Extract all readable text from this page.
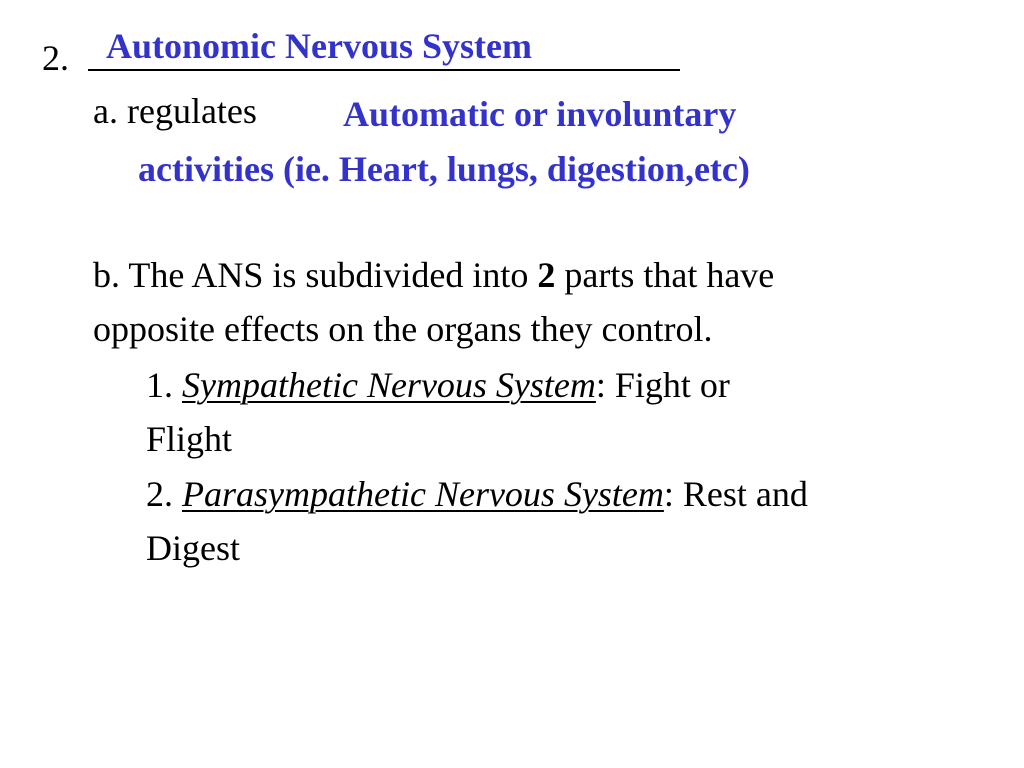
2. Autonomic Nervous System
a. regulates Automatic or involuntary
activities (ie. Heart, lungs, digestion,etc)
b. The ANS is subdivided into 2 parts that have
opposite effects on the organs they control.
1. Sympathetic Nervous System: Fight or
Flight
2. Parasympathetic Nervous System: Rest and
Digest
